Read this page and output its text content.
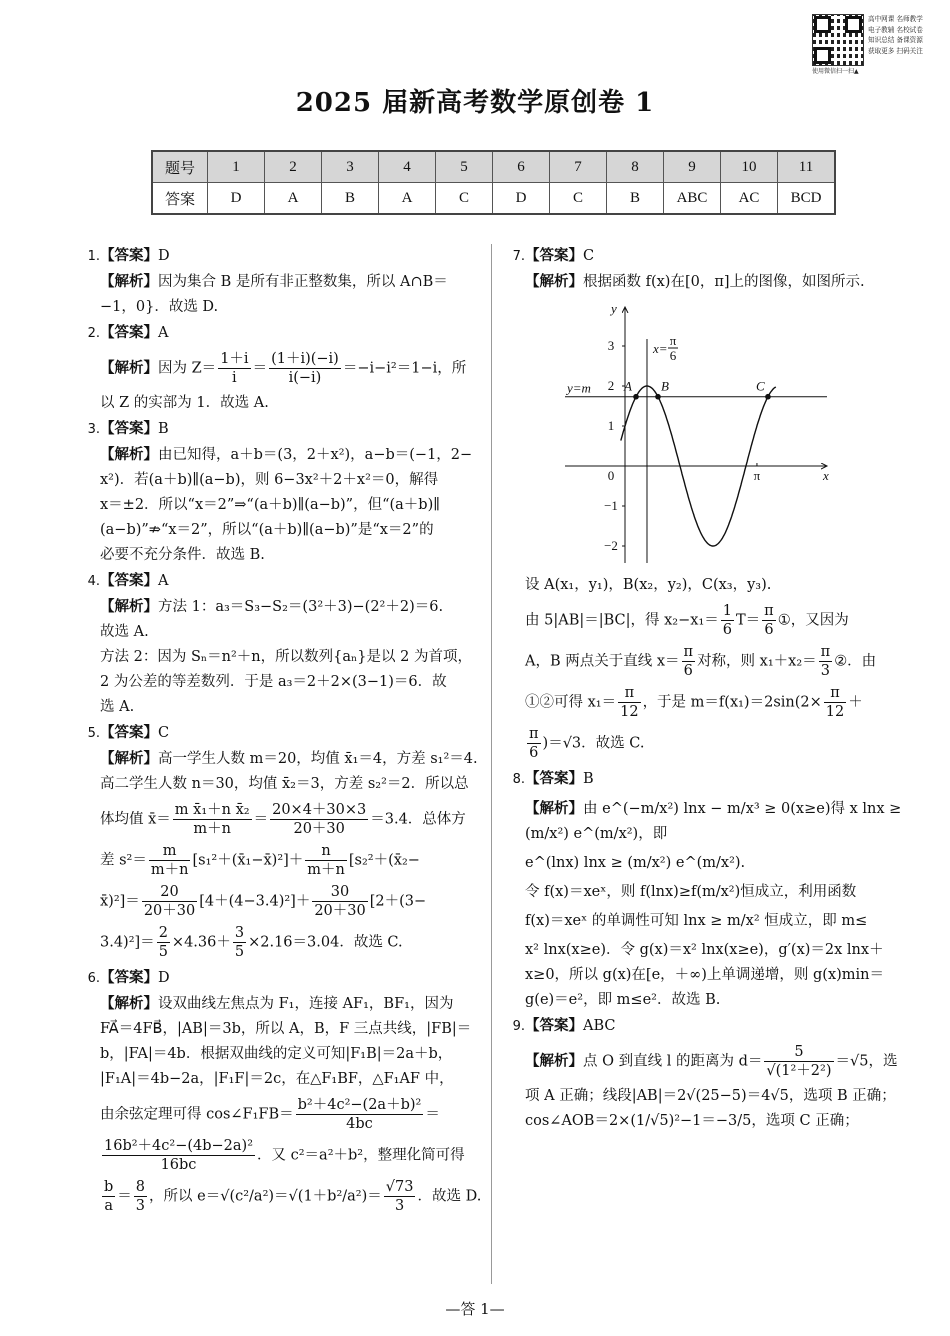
高中网课 名师教学
电子教辅 名校试卷
知识总结 备课资源
获取更多 扫码关注
使用微信扫一扫▲
2025 届新高考数学原创卷 1
题号	1	2	3	4	5	6	7	8	9	10	11
答案	D	A	B	A	C	D	C	B	ABC	AC	BCD

1.【答案】D

【解析】因为集合 B 是所有非正整数集，所以 A∩B＝

−1，0}．故选 D.

2.【答案】A

【解析】因为 $Z= \frac{1+i}{i} = \frac{(1+i)(-i)}{i(-i)} =-i-i^2=1-i$，所

以 Z 的实部为 1．故选 A.

3.【答案】B

【解析】由已知得，a＋b＝(3，2＋x²)，a−b＝(−1，2−

x²)．若(a＋b)∥(a−b)，则 6−3x²＋2＋x²＝0，解得

x＝±2．所以“x＝2”⇒“(a＋b)∥(a−b)”，但“(a＋b)∥

(a−b)”⇏“x＝2”，所以“(a＋b)∥(a−b)”是“x＝2”的

必要不充分条件．故选 B.

4.【答案】A

【解析】方法 1：a₃＝S₃−S₂＝(3²＋3)−(2²＋2)＝6.

故选 A.

方法 2：因为 Sₙ＝n²＋n，所以数列{aₙ}是以 2 为首项，

2 为公差的等差数列．于是 a₃＝2＋2×(3−1)＝6．故

选 A.

5.【答案】C

【解析】高一学生人数 m＝20，均值 x̄₁＝4，方差 s₁²＝4.

高二学生人数 n＝30，均值 x̄₂＝3，方差 s₂²＝2．所以总

体均值 x̄＝ $\frac{\text{m x̄₁＋n x̄₂}}{m+n} = \frac{20\times 4+30\times 3}{20+30} =3.4$．总体方

差 $s^2= \frac{m}{m+n}$ [s₁²＋(x̄₁−x̄)²]＋ $\frac{n}{m+n}$ [s₂²＋(x̄₂−

x̄)²]＝ $\frac{20}{20+30} [4+(4-3.4)^2]+ \frac{30}{20+30} [2+(3-$

$3.4)^2]= \frac{2}{5} \times 4.36+ \frac{3}{5} \times 2.16=3.04$．故选 C.

6.【答案】D

【解析】设双曲线左焦点为 F₁，连接 AF₁，BF₁，因为

FA⃗＝4FB⃗，|AB|＝3b，所以 A，B，F 三点共线，|FB|＝

b，|FA|＝4b．根据双曲线的定义可知|F₁B|＝2a＋b，

|F₁A|＝4b−2a，|F₁F|＝2c，在△F₁BF，△F₁AF 中，

由余弦定理可得 cos∠F₁FB＝ $\frac{\text{b²＋4c²−(2a＋b)²}}{4bc}$ ＝

$\frac{\text{16b²＋4c²−(4b−2a)²}}{16bc}$ ．又 c²＝a²＋b²，整理化简可得

$\frac{b}{a} = \frac{8}{3}$ ，所以 $e=√(c^2/a^2)=√(1+b^2/a^2)= \frac{√73}{3}$ ．故选 D.

7.【答案】C

【解析】根据函数 f(x)在[0，π]上的图像，如图所示.

y
x
3
2
1
0
−1
−2
π
y=m
x=
π
6
A B	C

设 A(x₁，y₁)，B(x₂，y₂)，C(x₃，y₃).

由 5|AB|＝|BC|，得 $x_2-x_1= \frac{1}{6} T= \frac{\pi}{6}$ ①，又因为

A，B 两点关于直线 $x= \frac{\pi}{6}$ 对称，则 $x_1+x_2= \frac{\pi}{3}$ ②．由

①②可得 $x_1= \frac{\pi}{12}$ ，于是 $m=f(x_1)=2\sin(2\times \frac{\pi}{12}$ ＋

$\frac{\pi}{6} )=√3$．故选 C.

8.【答案】B

【解析】由 e^(−m/x²) lnx − m/x³ ≥ 0(x≥e)得 x lnx ≥ (m/x²) e^(m/x²)，即

e^(lnx) lnx ≥ (m/x²) e^(m/x²).

令 f(x)＝xeˣ，则 f(lnx)≥f(m/x²)恒成立，利用函数

f(x)＝xeˣ 的单调性可知 lnx ≥ m/x² 恒成立，即 m≤

x² lnx(x≥e)．令 g(x)＝x² lnx(x≥e)，g′(x)＝2x lnx＋

x≥0，所以 g(x)在[e，＋∞)上单调递增，则 g(x)min＝

g(e)＝e²，即 m≤e²．故选 B.

9.【答案】ABC

【解析】点 O 到直线 l 的距离为 $d= \frac{5}{\text{√(1²＋2²)}} =√5$，选

项 A 正确；线段|AB|＝2√(25−5)＝4√5，选项 B 正确；

cos∠AOB＝2×(1/√5)²−1＝−3/5，选项 C 正确；

—答 1—
